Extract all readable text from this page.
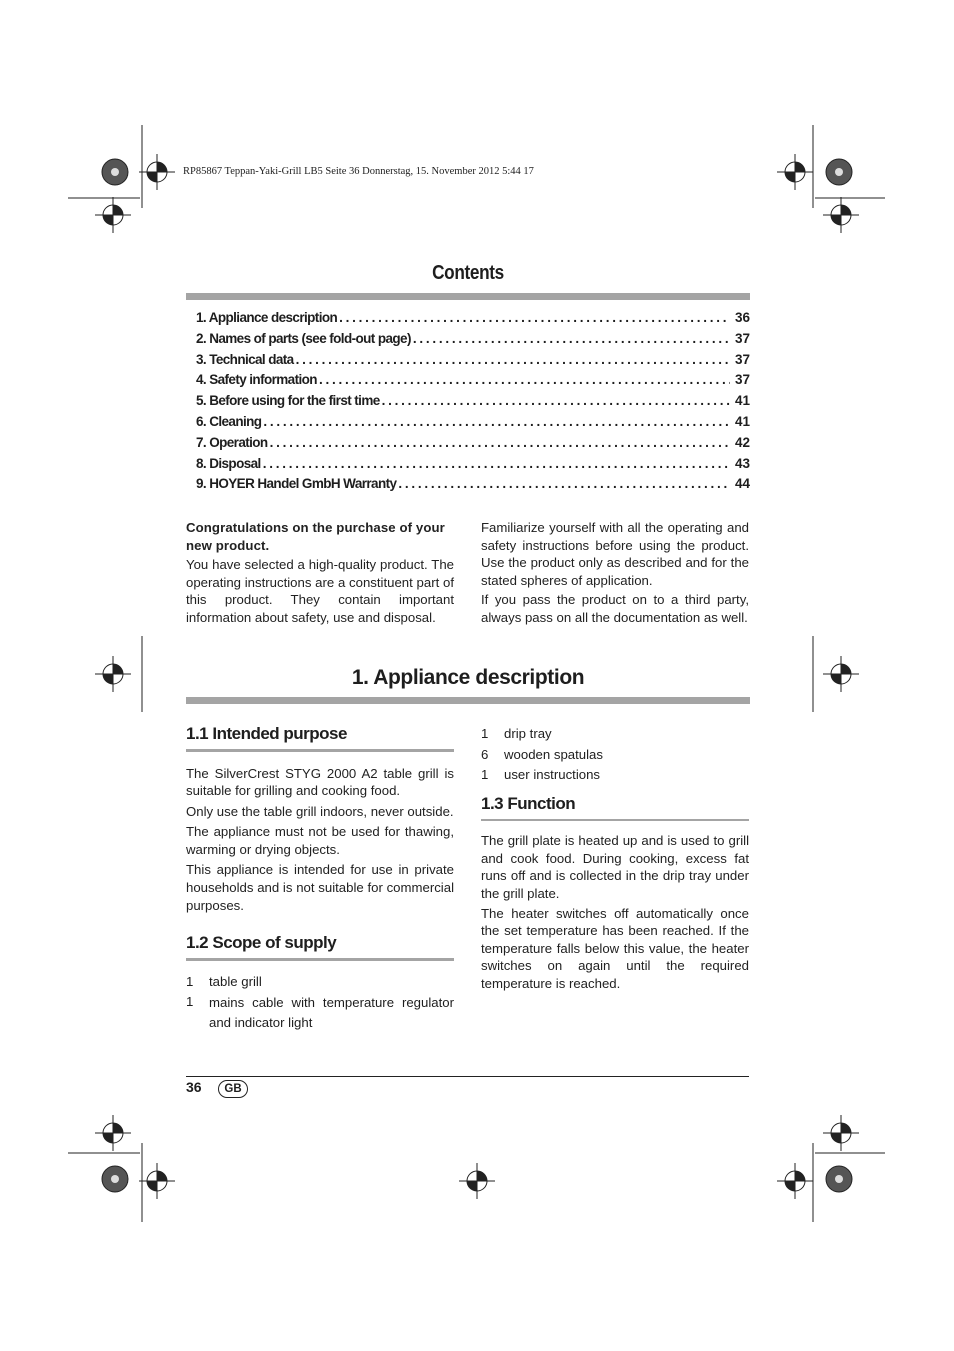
RP85867 Teppan-Yaki-Grill LB5 Seite 36 Donnerstag, 15. November 2012 5:44 17
Contents
1. Appliance description . . .	36
2. Names of parts (see fold-out page) . . .	37
3. Technical data . . .	37
4. Safety information . . .	37
5. Before using for the first time . . .	41
6. Cleaning . . .	41
7. Operation . . .	42
8. Disposal . . .	43
9. HOYER Handel GmbH Warranty . . .	44

Congratulations on the purchase of your new product.

You have selected a high-quality product. The operating instructions are a constituent part of this product. They contain important information about safety, use and disposal.

Familiarize yourself with all the operating and safety instructions before using the product. Use the product only as described and for the stated spheres of application.

If you pass the product on to a third party, always pass on all the documentation as well.

1. Appliance description
1.1 Intended purpose

The SilverCrest STYG 2000 A2 table grill is suitable for grilling and cooking food.

Only use the table grill indoors, never outside.

The appliance must not be used for thawing, warming or drying objects.

This appliance is intended for use in private households and is not suitable for commercial purposes.

1.2 Scope of supply
1	table grill
1	mains cable with temperature regulator and indicator light
1	drip tray
6	wooden spatulas
1	user instructions
1.3 Function

The grill plate is heated up and is used to grill and cook food. During cooking, excess fat runs off and is collected in the drip tray under the grill plate.

The heater switches off automatically once the set temperature has been reached. If the temperature falls below this value, the heater switches on again until the required temperature is reached.

36	GB
